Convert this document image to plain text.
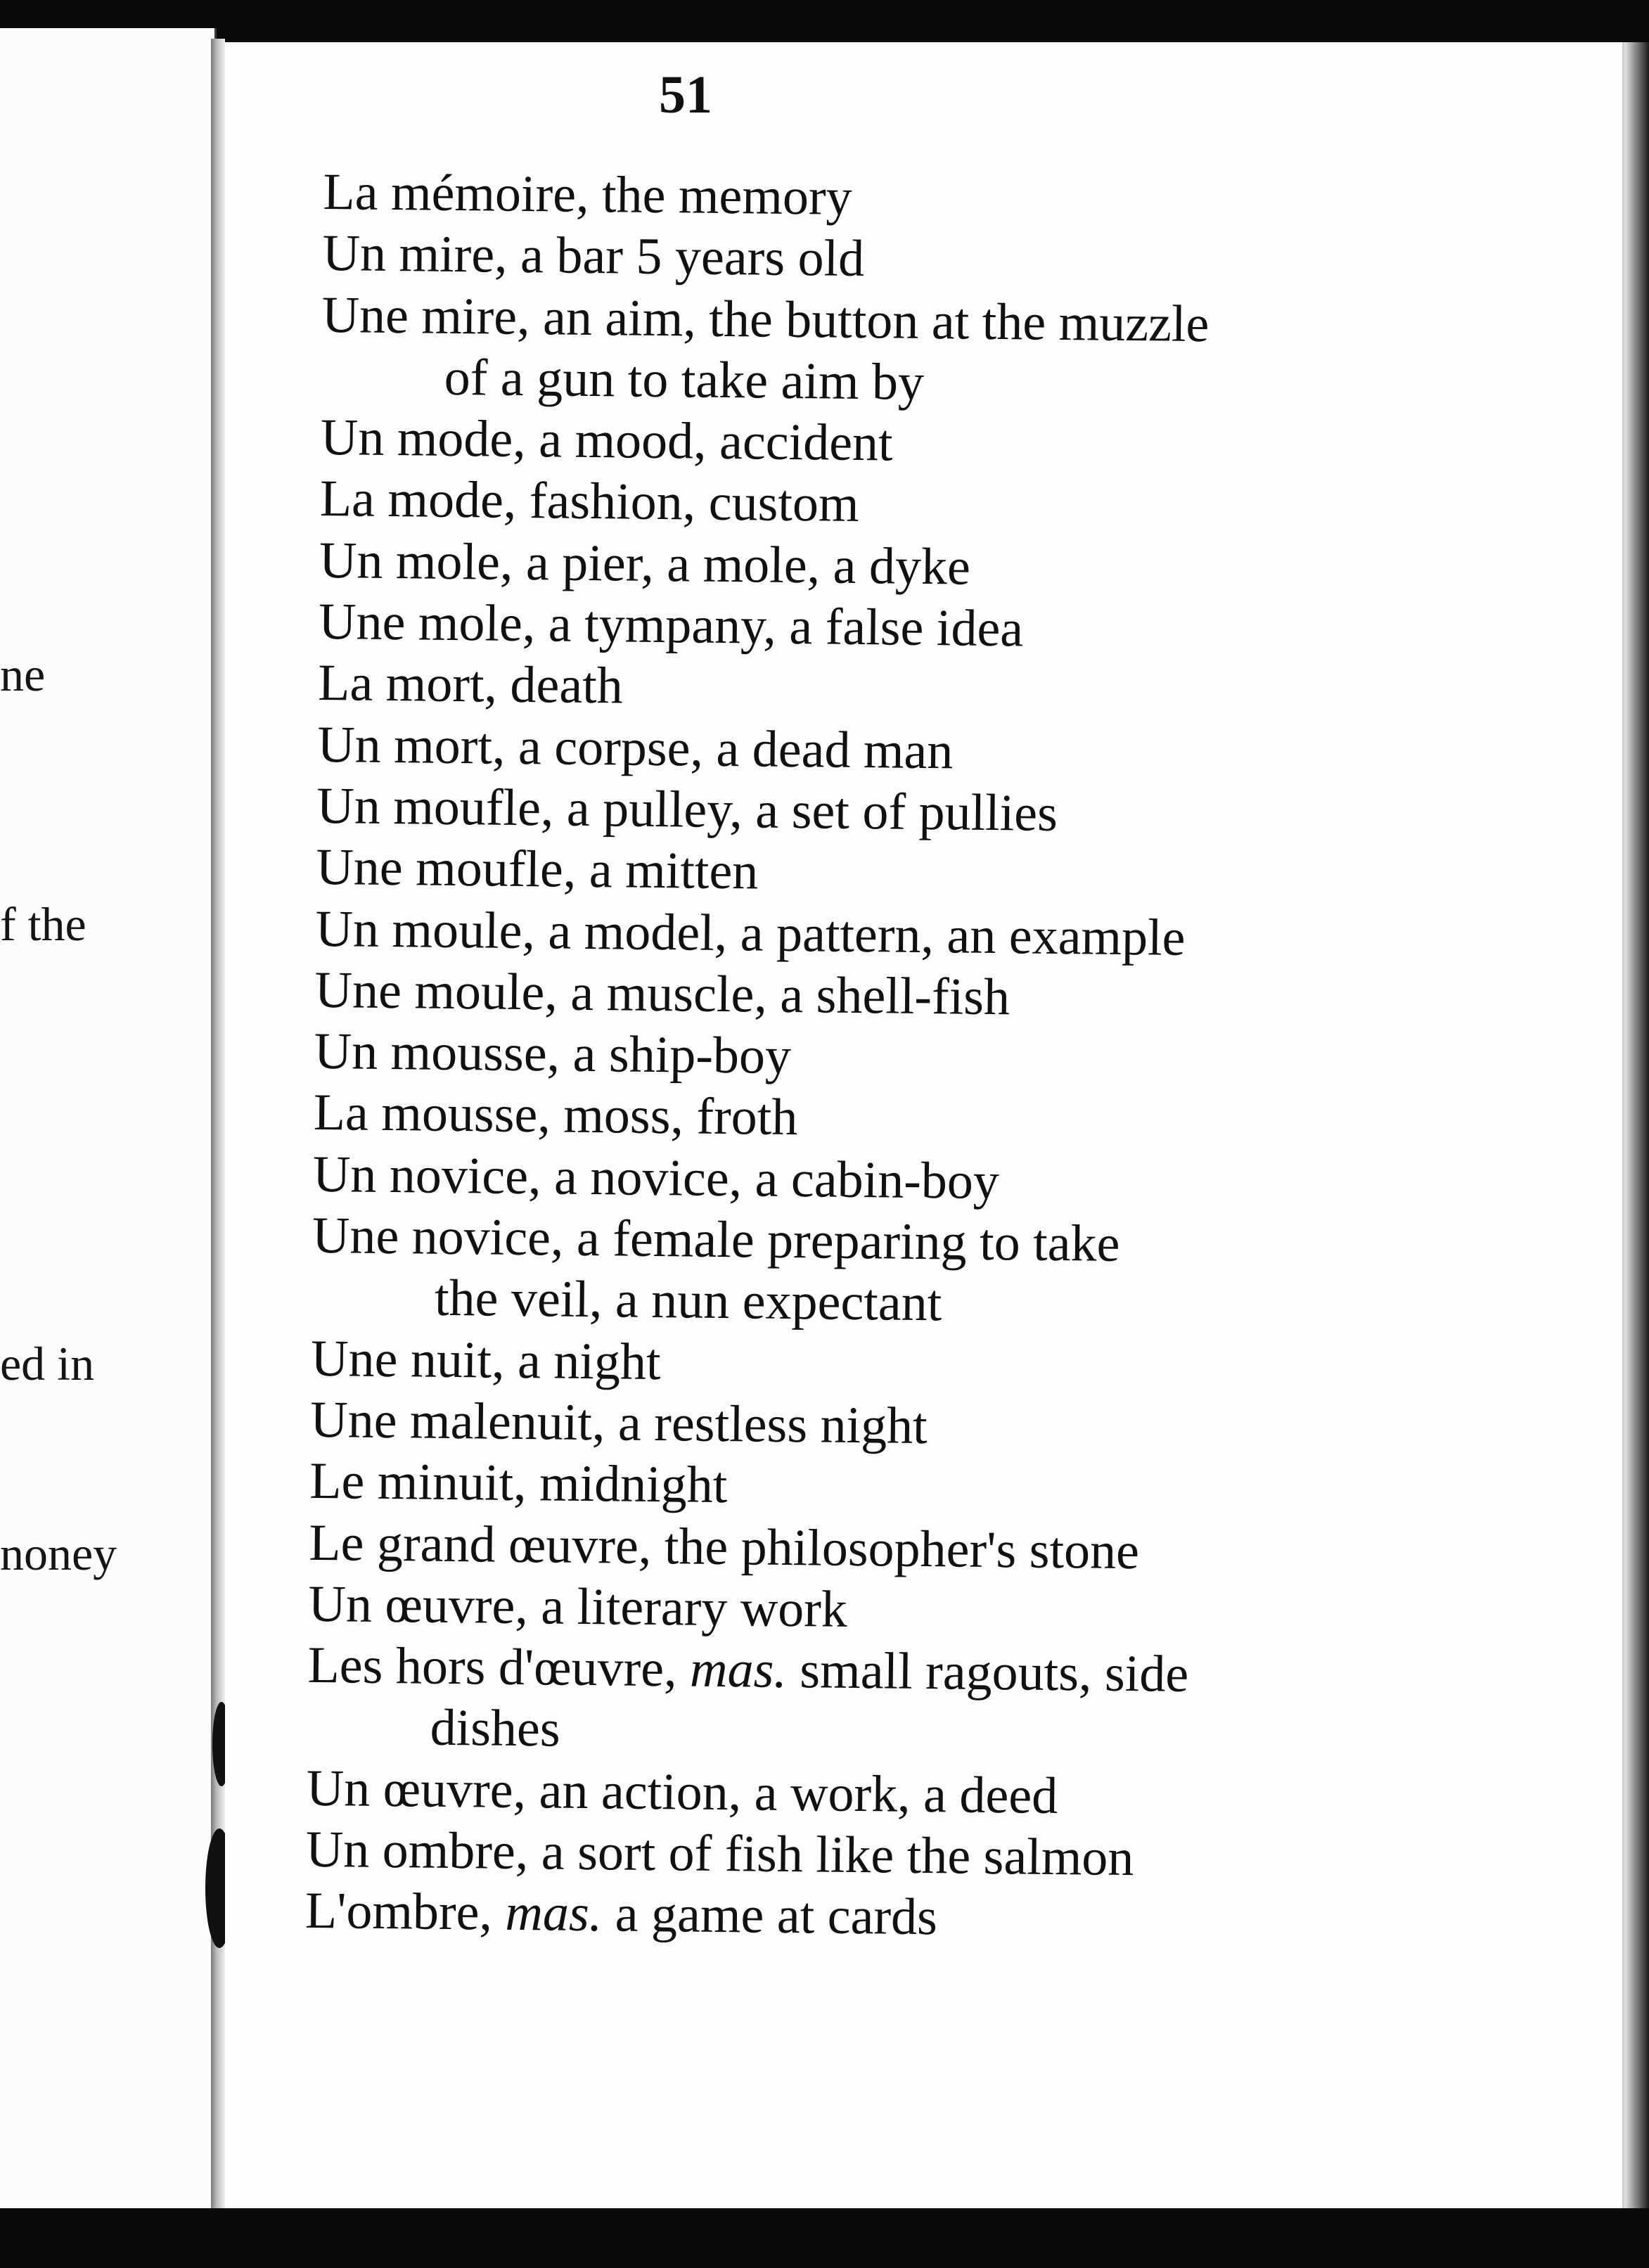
ne
f the
ed in
noney
51
La mémoire, the memory
Un mire, a bar 5 years old
Une mire, an aim, the button at the muzzle
of a gun to take aim by
Un mode, a mood, accident
La mode, fashion, custom
Un mole, a pier, a mole, a dyke
Une mole, a tympany, a false idea
La mort, death
Un mort, a corpse, a dead man
Un moufle, a pulley, a set of pullies
Une moufle, a mitten
Un moule, a model, a pattern, an example
Une moule, a muscle, a shell-fish
Un mousse, a ship-boy
La mousse, moss, froth
Un novice, a novice, a cabin-boy
Une novice, a female preparing to take
the veil, a nun expectant
Une nuit, a night
Une malenuit, a restless night
Le minuit, midnight
Le grand œuvre, the philosopher's stone
Un œuvre, a literary work
Les hors d'œuvre, mas. small ragouts, side
dishes
Un œuvre, an action, a work, a deed
Un ombre, a sort of fish like the salmon
L'ombre, mas. a game at cards
